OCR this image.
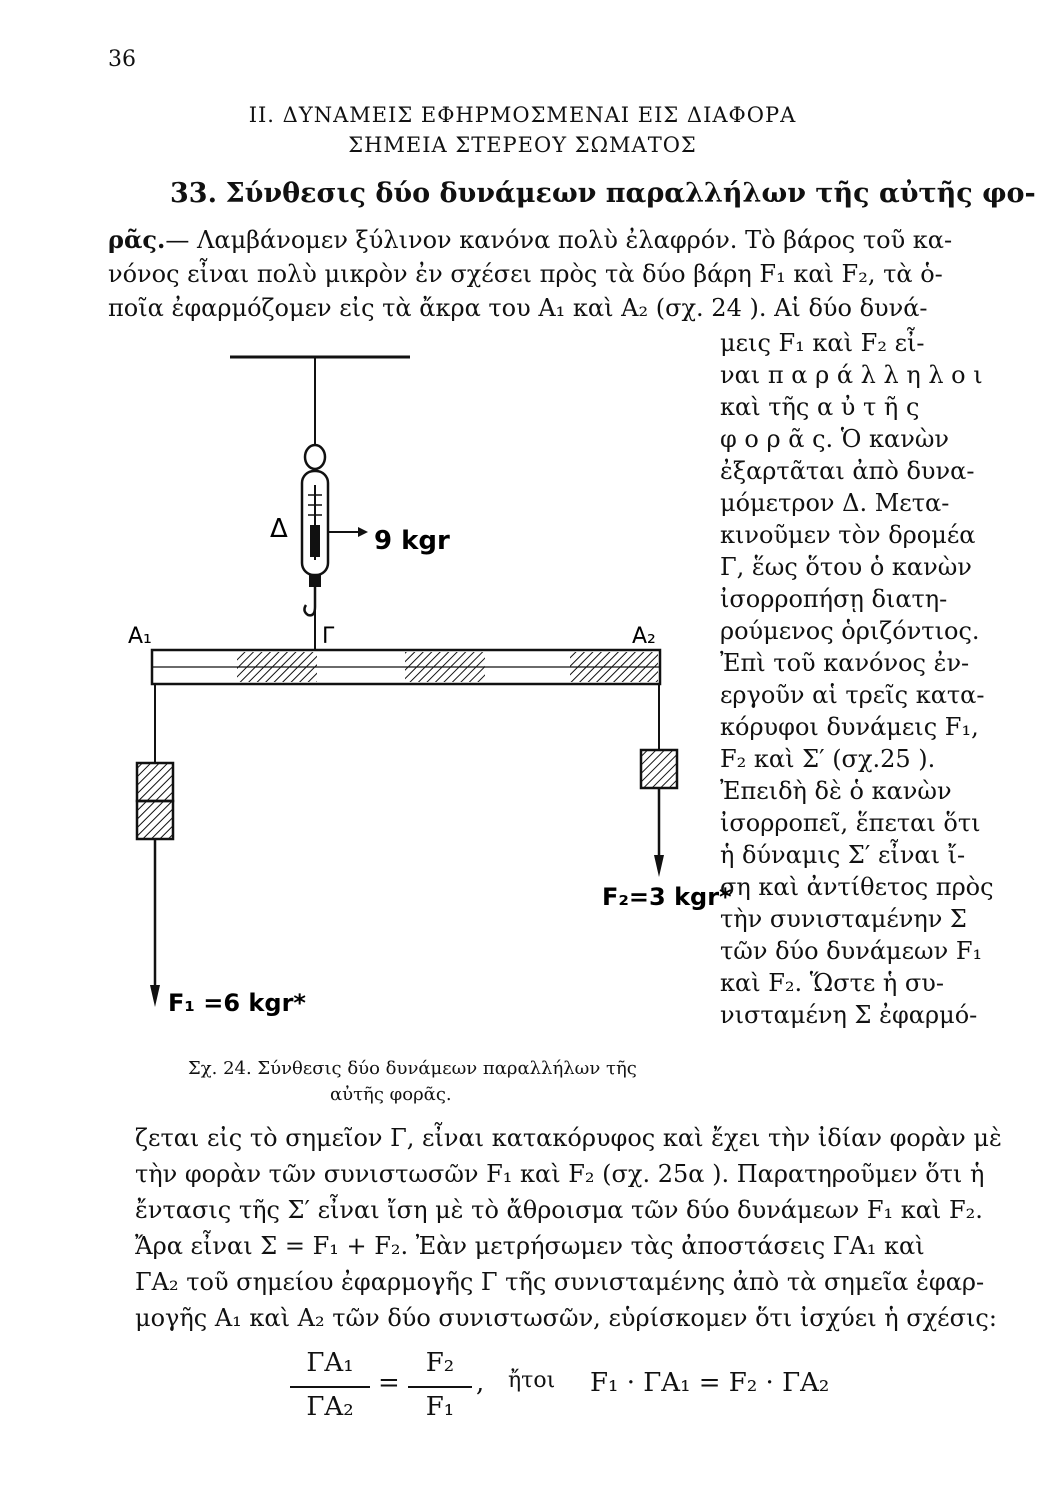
36
II. ΔΥΝΑΜΕΙΣ ΕΦΗΡΜΟΣΜΕΝΑΙ ΕΙΣ ΔΙΑΦΟΡΑ
ΣΗΜΕΙΑ ΣΤΕΡΕΟΥ ΣΩΜΑΤΟΣ
33. Σύνθεσις δύο δυνάμεων παραλλήλων τῆς αὐτῆς φο-
ρᾶς.— Λαμβάνομεν ξύλινον κανόνα πολὺ ἐλαφρόν. Τὸ βάρος τοῦ κα-
νόνος εἶναι πολὺ μικρὸν ἐν σχέσει πρὸς τὰ δύο βάρη F₁ καὶ F₂, τὰ ὁ-
ποῖα ἐφαρμόζομεν εἰς τὰ ἄκρα του A₁ καὶ A₂ (σχ. 24 ). Αἱ δύο δυνά-
μεις F₁ καὶ F₂ εἶ-
ναι π α ρ ά λ λ η λ ο ι
καὶ τῆς α ὐ τ ῆ ς
φ ο ρ ᾶ ς. Ὁ κανὼν
ἐξαρτᾶται ἀπὸ δυνα-
μόμετρον Δ. Μετα-
κινοῦμεν τὸν δρομέα
Γ, ἕως ὅτου ὁ κανὼν
ἰσορροπήσῃ διατη-
ρούμενος ὁριζόντιος.
Ἐπὶ τοῦ κανόνος ἐν-
εργοῦν αἱ τρεῖς κατα-
κόρυφοι δυνάμεις F₁,
F₂ καὶ Σ′ (σχ.25 ).
Ἐπειδὴ δὲ ὁ κανὼν
ἰσορροπεῖ, ἕπεται ὅτι
ἡ δύναμις Σ′ εἶναι ἴ-
ση καὶ ἀντίθετος πρὸς
τὴν συνισταμένην Σ
τῶν δύο δυνάμεων F₁
καὶ F₂. Ὥστε ἡ συ-
νισταμένη Σ ἐφαρμό-
Δ	9 kgr
A₁	A₂
Γ
F₂=3 kgr*
F₁ =6 kgr*
Σχ. 24. Σύνθεσις δύο δυνάμεων παραλλήλων τῆς
αὐτῆς φορᾶς.
ζεται εἰς τὸ σημεῖον Γ, εἶναι κατακόρυφος καὶ ἔχει τὴν ἰδίαν φορὰν μὲ
τὴν φορὰν τῶν συνιστωσῶν F₁ καὶ F₂ (σχ. 25α ). Παρατηροῦμεν ὅτι ἡ
ἔντασις τῆς Σ′ εἶναι ἴση μὲ τὸ ἄθροισμα τῶν δύο δυνάμεων F₁ καὶ F₂.
Ἄρα εἶναι Σ = F₁ + F₂. Ἐὰν μετρήσωμεν τὰς ἀποστάσεις ΓA₁ καὶ
ΓA₂ τοῦ σημείου ἐφαρμογῆς Γ τῆς συνισταμένης ἀπὸ τὰ σημεῖα ἐφαρ-
μογῆς A₁ καὶ A₂ τῶν δύο συνιστωσῶν, εὑρίσκομεν ὅτι ἰσχύει ἡ σχέσις:
ΓA₁
ΓA₂
=
F₂
F₁
, ἤτοι F₁ · ΓA₁ = F₂ · ΓA₂
